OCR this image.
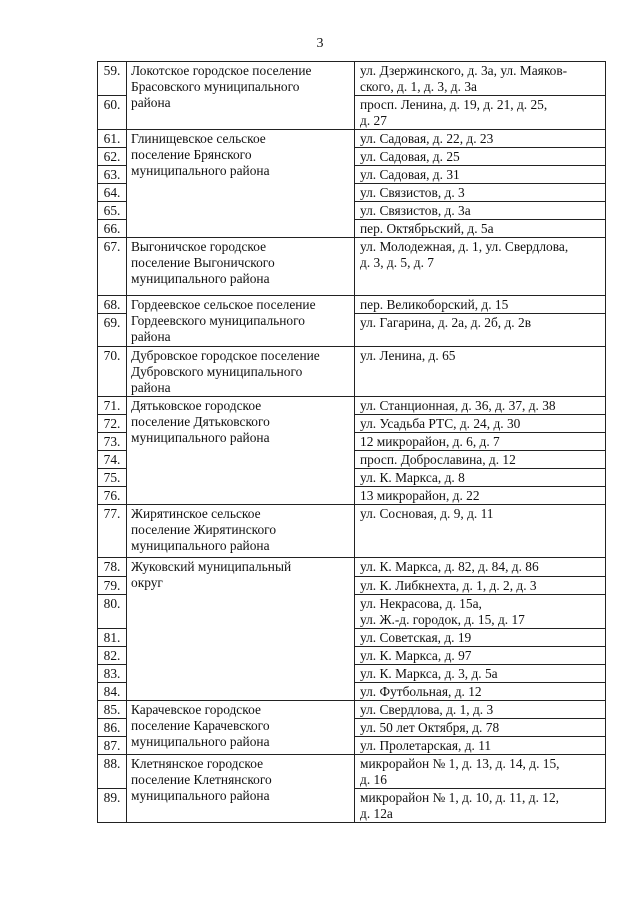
3
59.	Локотское городское поселение
Брасовского муниципального
района	ул. Дзержинского, д. 3а, ул. Маяков-
ского, д. 1, д. 3, д. 3а

60.		просп. Ленина, д. 19, д. 21, д. 25,
д. 27

61.	Глинищевское сельское
поселение Брянского
муниципального района	ул. Садовая, д. 22, д. 23

62.		ул. Садовая, д. 25

63.		ул. Садовая, д. 31

64.		ул. Связистов, д. 3

65.		ул. Связистов, д. 3а

66.		пер. Октябрьский, д. 5а

67.	Выгоничское городское
поселение Выгоничского
муниципального района	ул. Молодежная, д. 1, ул. Свердлова,
д. 3, д. 5, д. 7

68.	Гордеевское сельское поселение
Гордеевского муниципального
района	пер. Великоборский, д. 15

69.		ул. Гагарина, д. 2а, д. 2б, д. 2в

70.	Дубровское городское поселение
Дубровского муниципального
района	ул. Ленина, д. 65

71.	Дятьковское городское
поселение Дятьковского
муниципального района	ул. Станционная, д. 36, д. 37, д. 38

72.		ул. Усадьба РТС, д. 24, д. 30

73.		12 микрорайон, д. 6, д. 7

74.		просп. Доброславина, д. 12

75.		ул. К. Маркса, д. 8

76.		13 микрорайон, д. 22

77.	Жирятинское сельское
поселение Жирятинского
муниципального района	ул. Сосновая, д. 9, д. 11

78.	Жуковский муниципальный
округ	ул. К. Маркса, д. 82, д. 84, д. 86

79.		ул. К. Либкнехта, д. 1, д. 2, д. 3

80.		ул. Некрасова, д. 15а,
ул. Ж.-д. городок, д. 15, д. 17

81.		ул. Советская, д. 19

82.		ул. К. Маркса, д. 97

83.		ул. К. Маркса, д. 3, д. 5а

84.		ул. Футбольная, д. 12

85.	Карачевское городское
поселение Карачевского
муниципального района	ул. Свердлова, д. 1, д. 3

86.		ул. 50 лет Октября, д. 78

87.		ул. Пролетарская, д. 11

88.	Клетнянское городское
поселение Клетнянского
муниципального района	микрорайон № 1, д. 13, д. 14, д. 15,
д. 16

89.		микрорайон № 1, д. 10, д. 11, д. 12,
д. 12а
